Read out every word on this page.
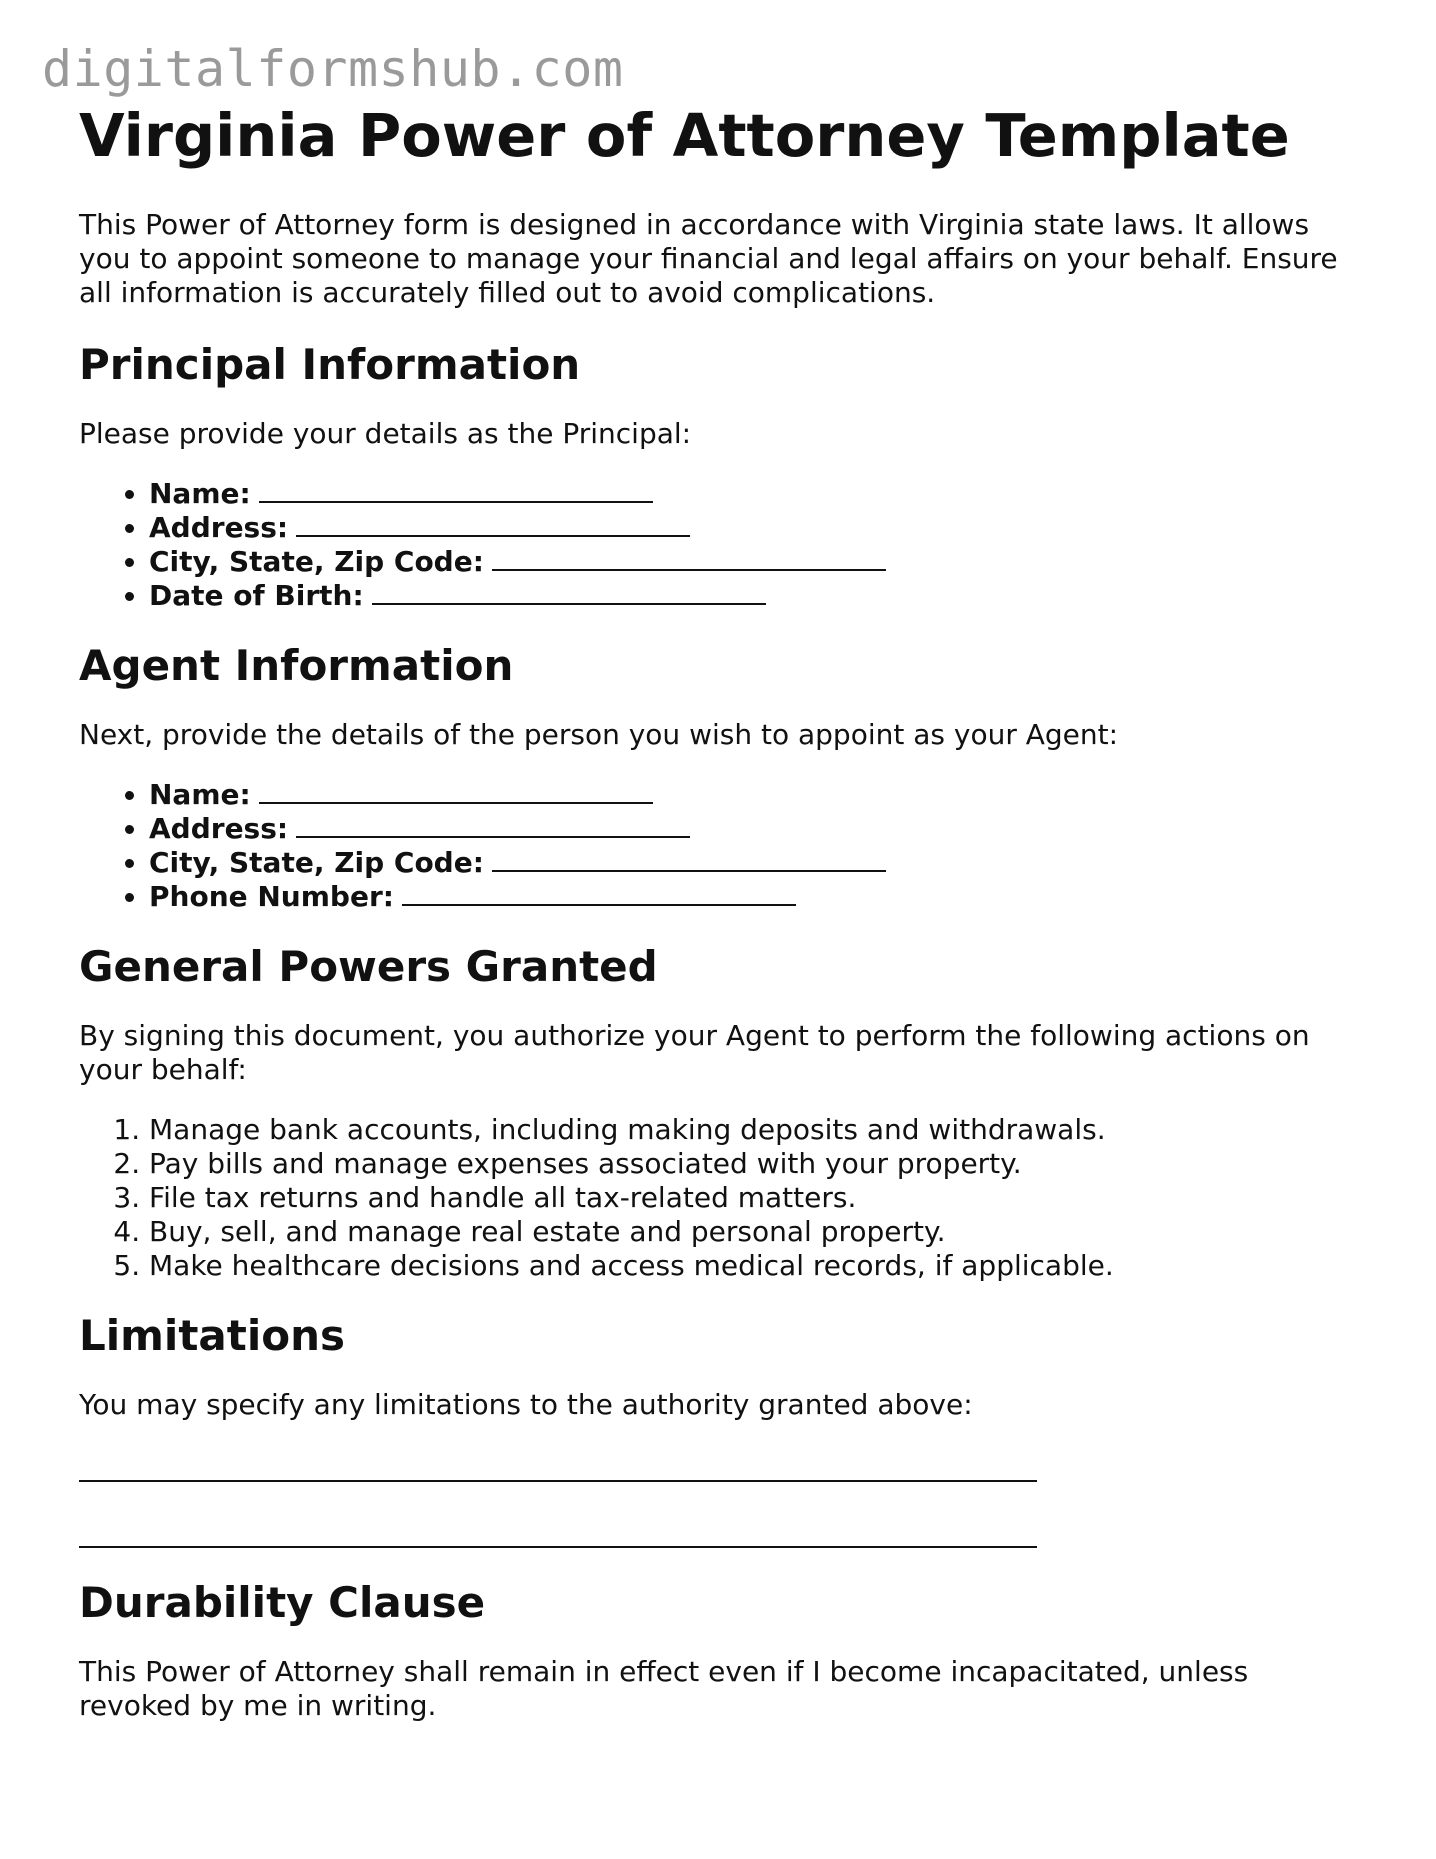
digitalformshub.com
Virginia Power of Attorney Template

This Power of Attorney form is designed in accordance with Virginia state laws. It allows you to appoint someone to manage your financial and legal affairs on your behalf. Ensure all information is accurately filled out to avoid complications.

Principal Information

Please provide your details as the Principal:

• Name:
• Address:
• City, State, Zip Code:
• Date of Birth:
Agent Information

Next, provide the details of the person you wish to appoint as your Agent:

• Name:
• Address:
• City, State, Zip Code:
• Phone Number:
General Powers Granted

By signing this document, you authorize your Agent to perform the following actions on your behalf:

1. Manage bank accounts, including making deposits and withdrawals.
2. Pay bills and manage expenses associated with your property.
3. File tax returns and handle all tax-related matters.
4. Buy, sell, and manage real estate and personal property.
5. Make healthcare decisions and access medical records, if applicable.
Limitations

You may specify any limitations to the authority granted above:

Durability Clause

This Power of Attorney shall remain in effect even if I become incapacitated, unless revoked by me in writing.
